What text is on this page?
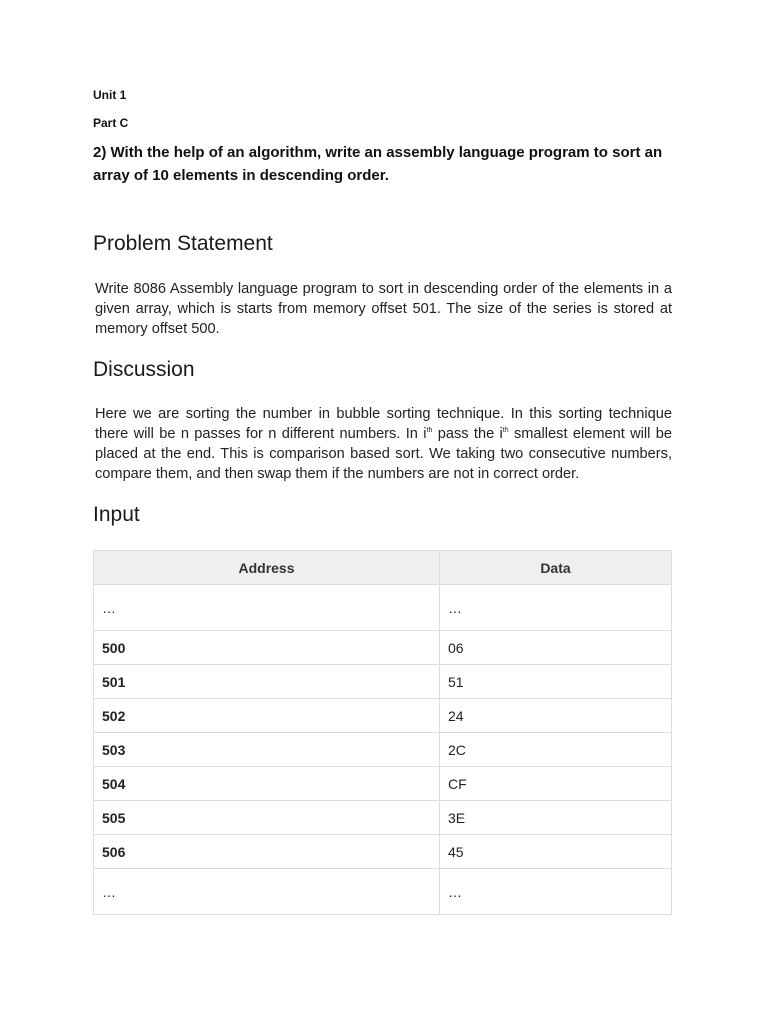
Unit 1
Part C
2) With the help of an algorithm, write an assembly language program to sort an array of 10 elements in descending order.
Problem Statement
Write 8086 Assembly language program to sort in descending order of the elements in a given array, which is starts from memory offset 501. The size of the series is stored at memory offset 500.
Discussion
Here we are sorting the number in bubble sorting technique. In this sorting technique there will be n passes for n different numbers. In $i^{th}$ pass the $i^{th}$ smallest element will be placed at the end. This is comparison based sort. We taking two consecutive numbers, compare them, and then swap them if the numbers are not in correct order.
Input
Address	Data
…	…
500	06
501	51
502	24
503	2C
504	CF
505	3E
506	45
…	…
